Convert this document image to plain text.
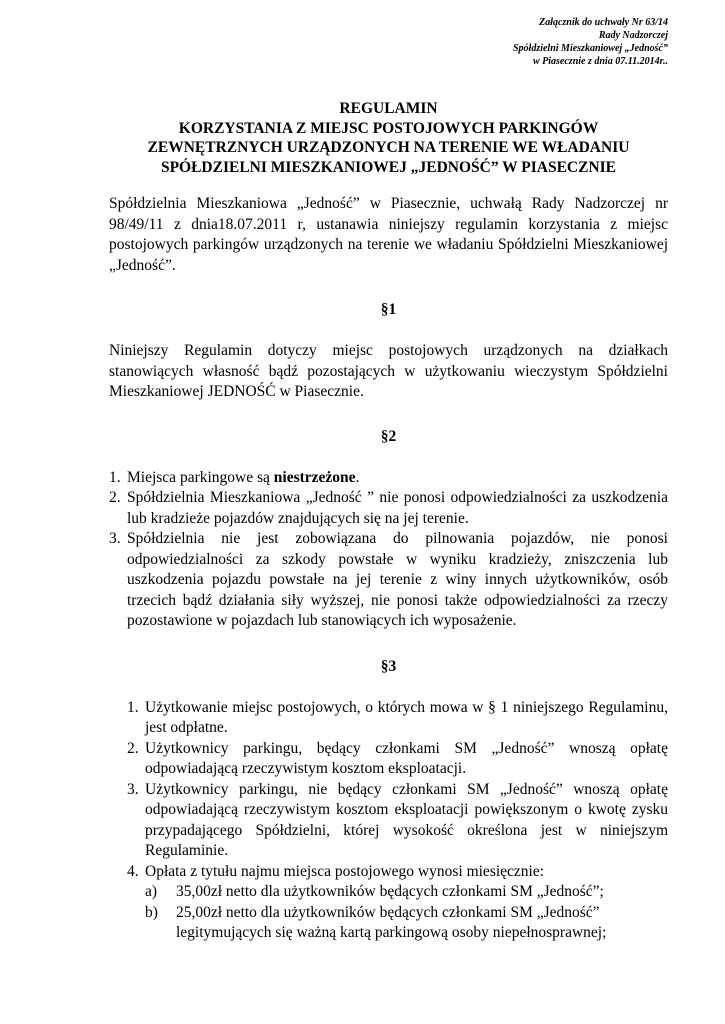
Załącznik do uchwały Nr 63/14
Rady Nadzorczej
Spółdzielni Mieszkaniowej „Jedność”
w Piasecznie z dnia 07.11.2014r..
REGULAMIN
KORZYSTANIA Z MIEJSC POSTOJOWYCH PARKINGÓW
ZEWNĘTRZNYCH URZĄDZONYCH NA TERENIE WE WŁADANIU
SPÓŁDZIELNI MIESZKANIOWEJ „JEDNOŚĆ” W PIASECZNIE

Spółdzielnia Mieszkaniowa „Jedność” w Piasecznie, uchwałą Rady Nadzorczej nr 98/49/11 z dnia18.07.2011 r, ustanawia niniejszy regulamin korzystania z miejsc postojowych parkingów urządzonych na terenie we władaniu Spółdzielni Mieszkaniowej „Jedność”.

§1

Niniejszy Regulamin dotyczy miejsc postojowych urządzonych na działkach stanowiących własność bądź pozostających w użytkowaniu wieczystym Spółdzielni Mieszkaniowej JEDNOŚĆ w Piasecznie.

§2
1. Miejsca parkingowe są niestrzeżone.
2. Spółdzielnia Mieszkaniowa „Jedność ” nie ponosi odpowiedzialności za uszkodzenia lub kradzieże pojazdów znajdujących się na jej terenie.
3. Spółdzielnia nie jest zobowiązana do pilnowania pojazdów, nie ponosi odpowiedzialności za szkody powstałe w wyniku kradzieży, zniszczenia lub uszkodzenia pojazdu powstałe na jej terenie z winy innych użytkowników, osób trzecich bądź działania siły wyższej, nie ponosi także odpowiedzialności za rzeczy pozostawione w pojazdach lub stanowiących ich wyposażenie.
§3
1. Użytkowanie miejsc postojowych, o których mowa w § 1 niniejszego Regulaminu, jest odpłatne.
2. Użytkownicy parkingu, będący członkami SM „Jedność” wnoszą opłatę odpowiadającą rzeczywistym kosztom eksploatacji.
3. Użytkownicy parkingu, nie będący członkami SM „Jedność” wnoszą opłatę odpowiadającą rzeczywistym kosztom eksploatacji powiększonym o kwotę zysku przypadającego Spółdzielni, której wysokość określona jest w niniejszym Regulaminie.
4. Opłata z tytułu najmu miejsca postojowego wynosi miesięcznie:
a) 35,00zł netto dla użytkowników będących członkami SM „Jedność”;
b) 25,00zł netto dla użytkowników będących członkami SM „Jedność” legitymujących się ważną kartą parkingową osoby niepełnosprawnej;
